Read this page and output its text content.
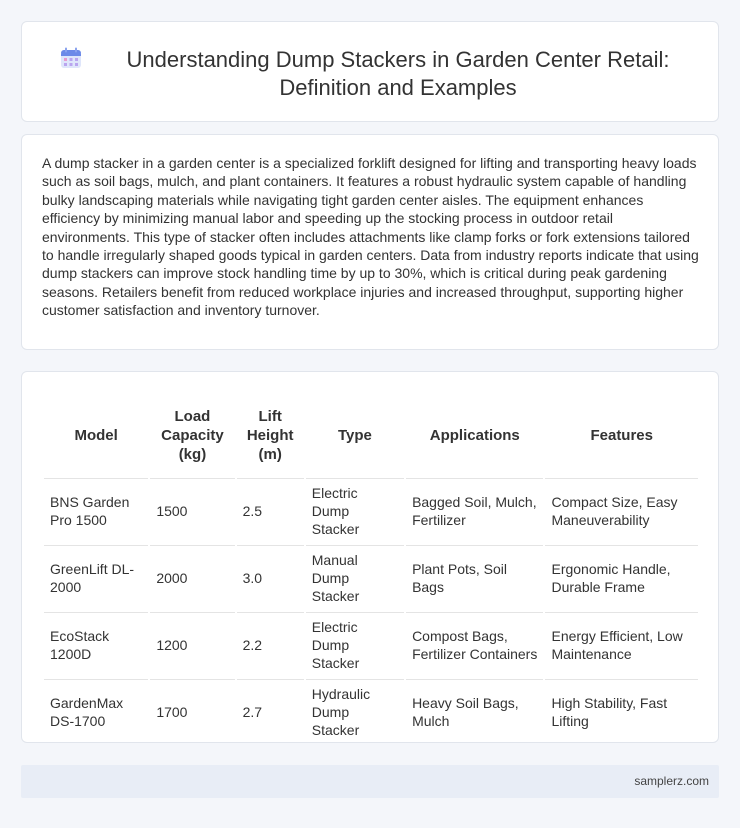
Understanding Dump Stackers in Garden Center Retail: Definition and Examples

A dump stacker in a garden center is a specialized forklift designed for lifting and transporting heavy loads such as soil bags, mulch, and plant containers. It features a robust hydraulic system capable of handling bulky landscaping materials while navigating tight garden center aisles. The equipment enhances efficiency by minimizing manual labor and speeding up the stocking process in outdoor retail environments. This type of stacker often includes attachments like clamp forks or fork extensions tailored to handle irregularly shaped goods typical in garden centers. Data from industry reports indicate that using dump stackers can improve stock handling time by up to 30%, which is critical during peak gardening seasons. Retailers benefit from reduced workplace injuries and increased throughput, supporting higher customer satisfaction and inventory turnover.

Model	Load Capacity (kg)	Lift Height (m)	Type	Applications	Features
BNS Garden Pro 1500	1500	2.5	Electric Dump Stacker	Bagged Soil, Mulch, Fertilizer	Compact Size, Easy Maneuverability
GreenLift DL-2000	2000	3.0	Manual Dump Stacker	Plant Pots, Soil Bags	Ergonomic Handle, Durable Frame
EcoStack 1200D	1200	2.2	Electric Dump Stacker	Compost Bags, Fertilizer Containers	Energy Efficient, Low Maintenance
GardenMax DS-1700	1700	2.7	Hydraulic Dump Stacker	Heavy Soil Bags, Mulch	High Stability, Fast Lifting
samplerz.com
